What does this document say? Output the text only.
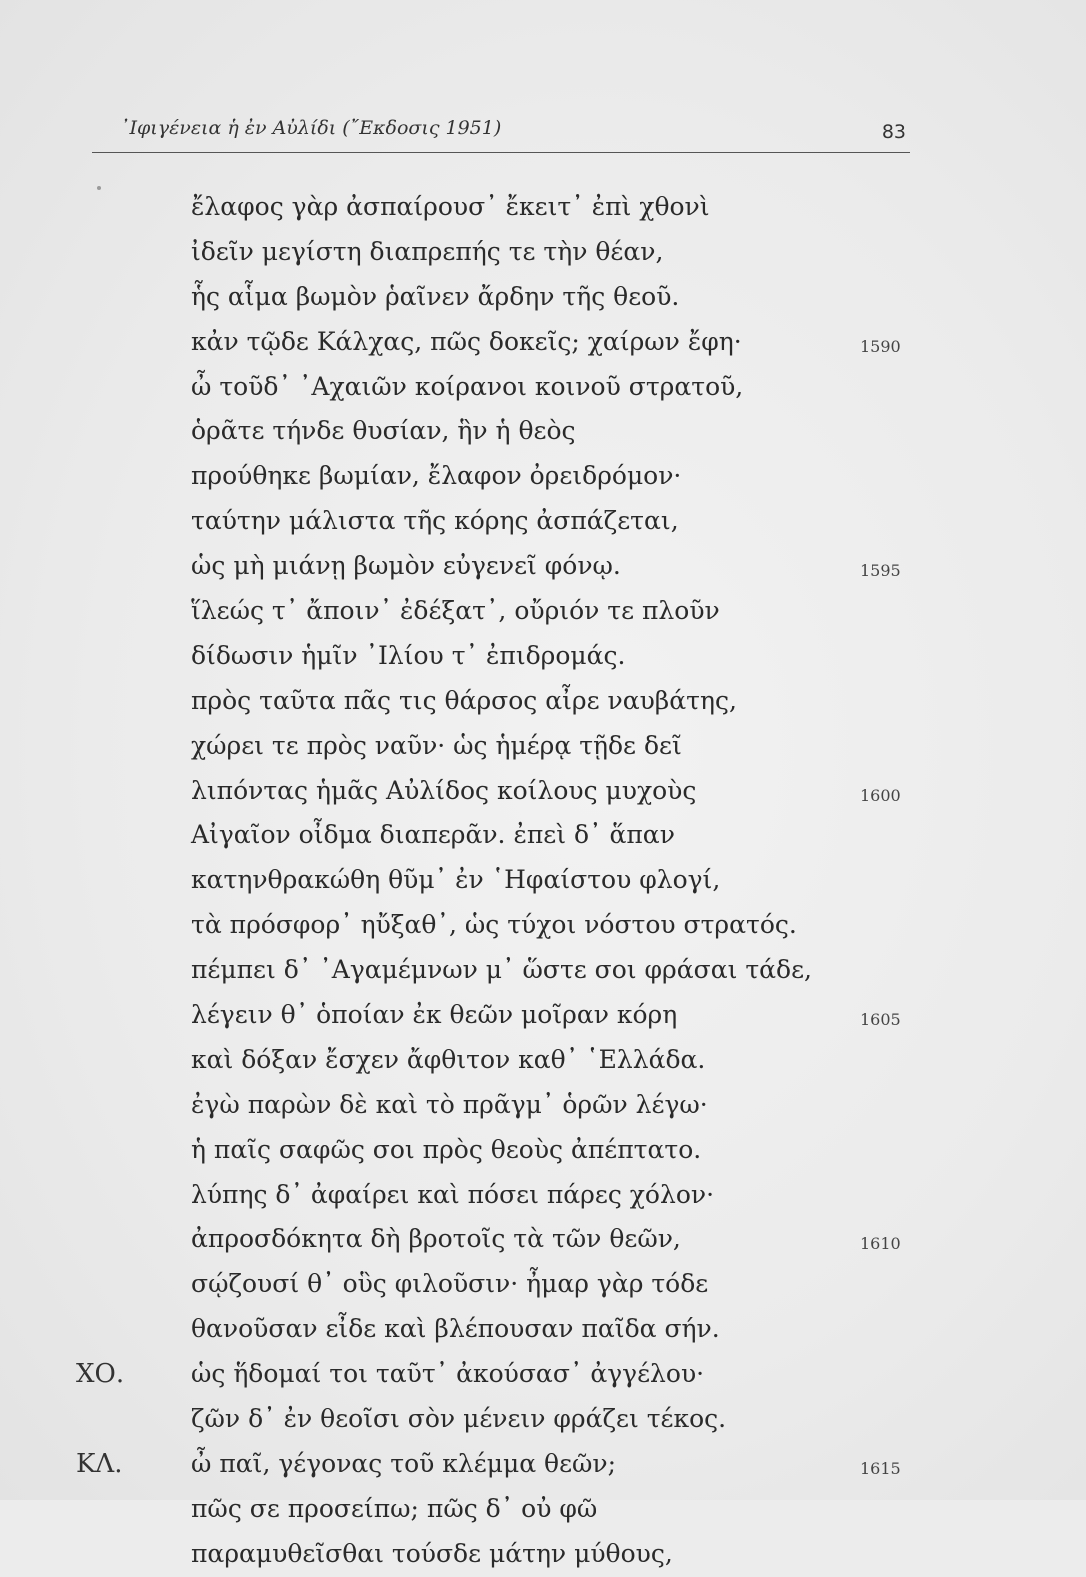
᾿Ιφιγένεια ἡ ἐν Αὐλίδι (῎Εκδοσις 1951)	83
ἔλαφος γὰρ ἀσπαίρουσ᾿ ἔκειτ᾿ ἐπὶ χθονὶ
ἰδεῖν μεγίστη διαπρεπής τε τὴν θέαν,
ἧς αἷμα βωμὸν ῥαῖνεν ἄρδην τῆς θεοῦ.
κἀν τῷδε Κάλχας, πῶς δοκεῖς; χαίρων ἔφη·	1590
ὦ τοῦδ᾿ ᾿Αχαιῶν κοίρανοι κοινοῦ στρατοῦ,
ὁρᾶτε τήνδε θυσίαν, ἣν ἡ θεὸς
προύθηκε βωμίαν, ἔλαφον ὀρειδρόμον·
ταύτην μάλιστα τῆς κόρης ἀσπάζεται,
ὡς μὴ μιάνῃ βωμὸν εὐγενεῖ φόνῳ.	1595
ἵλεώς τ᾿ ἄποιν᾿ ἐδέξατ᾿, οὔριόν τε πλοῦν
δίδωσιν ἡμῖν ᾿Ιλίου τ᾿ ἐπιδρομάς.
πρὸς ταῦτα πᾶς τις θάρσος αἶρε ναυβάτης,
χώρει τε πρὸς ναῦν· ὡς ἡμέρᾳ τῇδε δεῖ
λιπόντας ἡμᾶς Αὐλίδος κοίλους μυχοὺς	1600
Αἰγαῖον οἶδμα διαπερᾶν. ἐπεὶ δ᾿ ἅπαν
κατηνθρακώθη θῦμ᾿ ἐν ῾Ηφαίστου φλογί,
τὰ πρόσφορ᾿ ηὔξαθ᾿, ὡς τύχοι νόστου στρατός.
πέμπει δ᾿ ᾿Αγαμέμνων μ᾿ ὥστε σοι φράσαι τάδε,
λέγειν θ᾿ ὁποίαν ἐκ θεῶν μοῖραν κόρη	1605
καὶ δόξαν ἔσχεν ἄφθιτον καθ᾿ ῾Ελλάδα.
ἐγὼ παρὼν δὲ καὶ τὸ πρᾶγμ᾿ ὁρῶν λέγω·
ἡ παῖς σαφῶς σοι πρὸς θεοὺς ἀπέπτατο.
λύπης δ᾿ ἀφαίρει καὶ πόσει πάρες χόλον·
ἀπροσδόκητα δὴ βροτοῖς τὰ τῶν θεῶν,	1610
σῴζουσί θ᾿ οὓς φιλοῦσιν· ἦμαρ γὰρ τόδε
θανοῦσαν εἶδε καὶ βλέπουσαν παῖδα σήν.
ΧΟ.	ὡς ἥδομαί τοι ταῦτ᾿ ἀκούσασ᾿ ἀγγέλου·
ζῶν δ᾿ ἐν θεοῖσι σὸν μένειν φράζει τέκος.
ΚΛ.	ὦ παῖ, γέγονας τοῦ κλέμμα θεῶν;	1615
πῶς σε προσείπω; πῶς δ᾿ οὐ φῶ
παραμυθεῖσθαι τούσδε μάτην μύθους,
